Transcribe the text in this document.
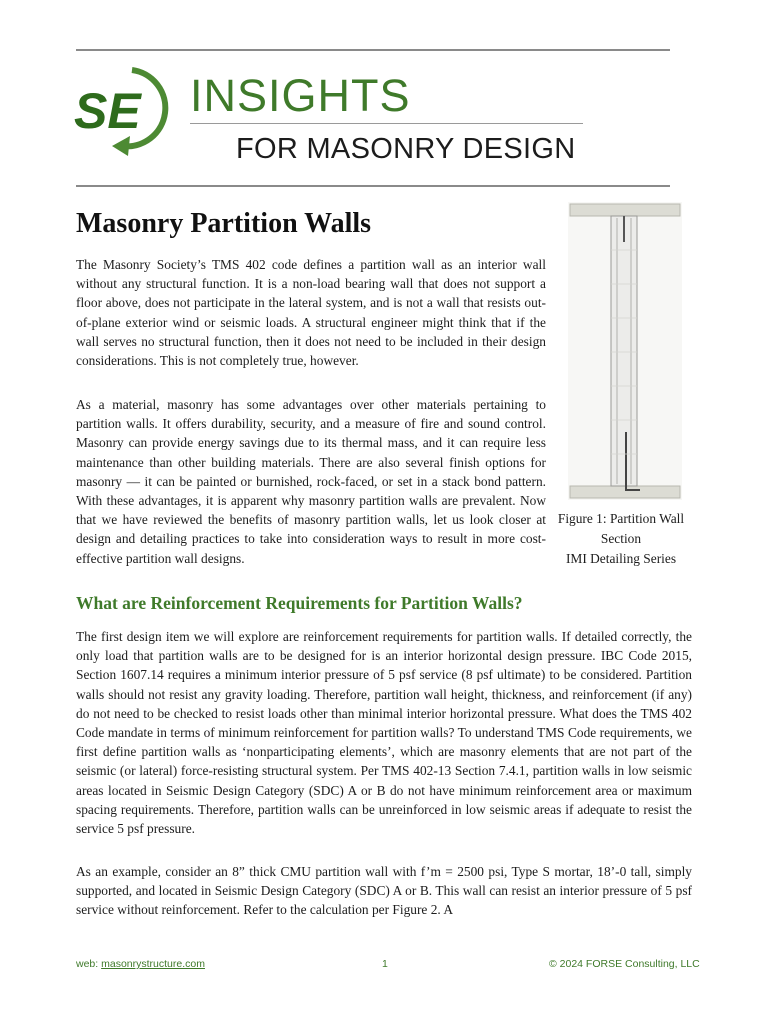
SE INSIGHTS
FOR MASONRY DESIGN
Masonry Partition Walls

The Masonry Society’s TMS 402 code defines a partition wall as an interior wall without any structural function. It is a non-load bearing wall that does not support a floor above, does not participate in the lateral system, and is not a wall that resists out-of-plane exterior wind or seismic loads. A structural engineer might think that if the wall serves no structural function, then it does not need to be included in their design considerations. This is not completely true, however.

As a material, masonry has some advantages over other materials pertaining to partition walls. It offers durability, security, and a measure of fire and sound control. Masonry can provide energy savings due to its thermal mass, and it can require less maintenance than other building materials. There are also several finish options for masonry — it can be painted or burnished, rock-faced, or set in a stack bond pattern. With these advantages, it is apparent why masonry partition walls are prevalent. Now that we have reviewed the benefits of masonry partition walls, let us look closer at design and detailing practices to take into consideration ways to result in more cost-effective partition wall designs.

Figure 1: Partition Wall
Section
IMI Detailing Series
What are Reinforcement Requirements for Partition Walls?

The first design item we will explore are reinforcement requirements for partition walls. If detailed correctly, the only load that partition walls are to be designed for is an interior horizontal design pressure. IBC Code 2015, Section 1607.14 requires a minimum interior pressure of 5 psf service (8 psf ultimate) to be considered. Partition walls should not resist any gravity loading. Therefore, partition wall height, thickness, and reinforcement (if any) do not need to be checked to resist loads other than minimal interior horizontal pressure. What does the TMS 402 Code mandate in terms of minimum reinforcement for partition walls? To understand TMS Code requirements, we first define partition walls as ‘nonparticipating elements’, which are masonry elements that are not part of the seismic (or lateral) force-resisting structural system. Per TMS 402-13 Section 7.4.1, partition walls in low seismic areas located in Seismic Design Category (SDC) A or B do not have minimum reinforcement area or maximum spacing requirements. Therefore, partition walls can be unreinforced in low seismic areas if adequate to resist the service 5 psf pressure.

As an example, consider an 8” thick CMU partition wall with f’m = 2500 psi, Type S mortar, 18’-0 tall, simply supported, and located in Seismic Design Category (SDC) A or B. This wall can resist an interior pressure of 5 psf service without reinforcement. Refer to the calculation per Figure 2. A

web: masonrystructure.com	1	© 2024 FORSE Consulting, LLC
